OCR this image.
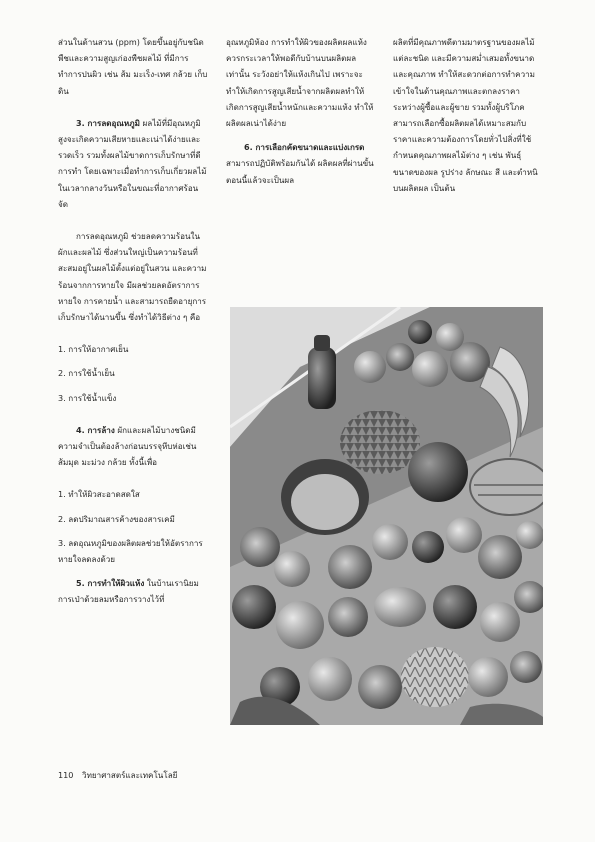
ส่วนในด้านสวน (ppm) โดยขึ้นอยู่กับชนิดพืชและความสูญเก่องพืชผลไม้ ที่มีการทำการปนผิว เช่น ส้ม มะเร็ง-เทศ กล้วย เก็บดิน

3. การลดอุณหภูมิ ผลไม้ที่มีอุณหภูมิสูงจะเกิดความเสียหายและเน่าได้ง่ายและรวดเร็ว รวมทั้งผลไม้ขาดการเก็บรักษาที่ดีการทำ โดยเฉพาะเมื่อทำการเก็บเกี่ยวผลไม้ในเวลากลางวันหรือในขณะที่อากาศร้อนจัด

การลดอุณหภูมิ ช่วยลดความร้อนในผักและผลไม้ ซึ่งส่วนใหญ่เป็นความร้อนที่สะสมอยู่ในผลไม้ตั้งแต่อยู่ในสวน และความร้อนจากการหายใจ มีผลช่วยลดอัตราการหายใจ การคายน้ำ และสามารถยืดอายุการเก็บรักษาได้นานขึ้น ซึ่งทำได้วิธีต่าง ๆ คือ

1. การให้อากาศเย็น

2. การใช้น้ำเย็น

3. การใช้น้ำแข็ง

4. การล้าง ผักและผลไม้บางชนิดมีความจำเป็นต้องล้างก่อนบรรจุหีบห่อเช่น ส้มมุด มะม่วง กล้วย ทั้งนี้เพื่อ

1. ทำให้ผิวสะอาดสดใส

2. ลดปริมาณสารค้างของสารเคมี

3. ลดอุณหภูมิของผลิตผลช่วยให้อัตราการหายใจลดลงด้วย

5. การทำให้ผิวแห้ง ในบ้านเรานิยมการเป่าด้วยลมหรือการวางไว้ที่

อุณหภูมิห้อง การทำให้ผิวของผลิตผลแห้งควรกระเวลาให้พอดีกับบ้านบนผลิตผลเท่านั้น ระวังอย่าให้แห้งเกินไป เพราะจะทำให้เกิดการสูญเสียน้ำจากผลิตผลทำให้เกิดการสูญเสียน้ำหนักและความแห้ง ทำให้ผลิตผลเน่าได้ง่าย

6. การเลือกคัดขนาดและแบ่งเกรด สามารถปฏิบัติพร้อมกันได้ ผลิตผลที่ผ่านขั้นตอนนี้แล้วจะเป็นผล

ผลิตที่มีคุณภาพดีตามมาตรฐานของผลไม้แต่ละชนิด และมีความสม่ำเสมอทั้งขนาดและคุณภาพ ทำให้สะดวกต่อการทำความเข้าใจในด้านคุณภาพและตกลงราคาระหว่างผู้ซื้อและผู้ขาย รวมทั้งผู้บริโภคสามารถเลือกซื้อผลิตผลได้เหมาะสมกับราคาและความต้องการโดยทั่วไปสิ่งที่ใช้กำหนดคุณภาพผลไม้ต่าง ๆ เช่น พันธุ์ ขนาดของผล รูปร่าง ลักษณะ สี และตำหนิบนผลิตผล เป็นต้น

110 วิทยาศาสตร์และเทคโนโลยี
